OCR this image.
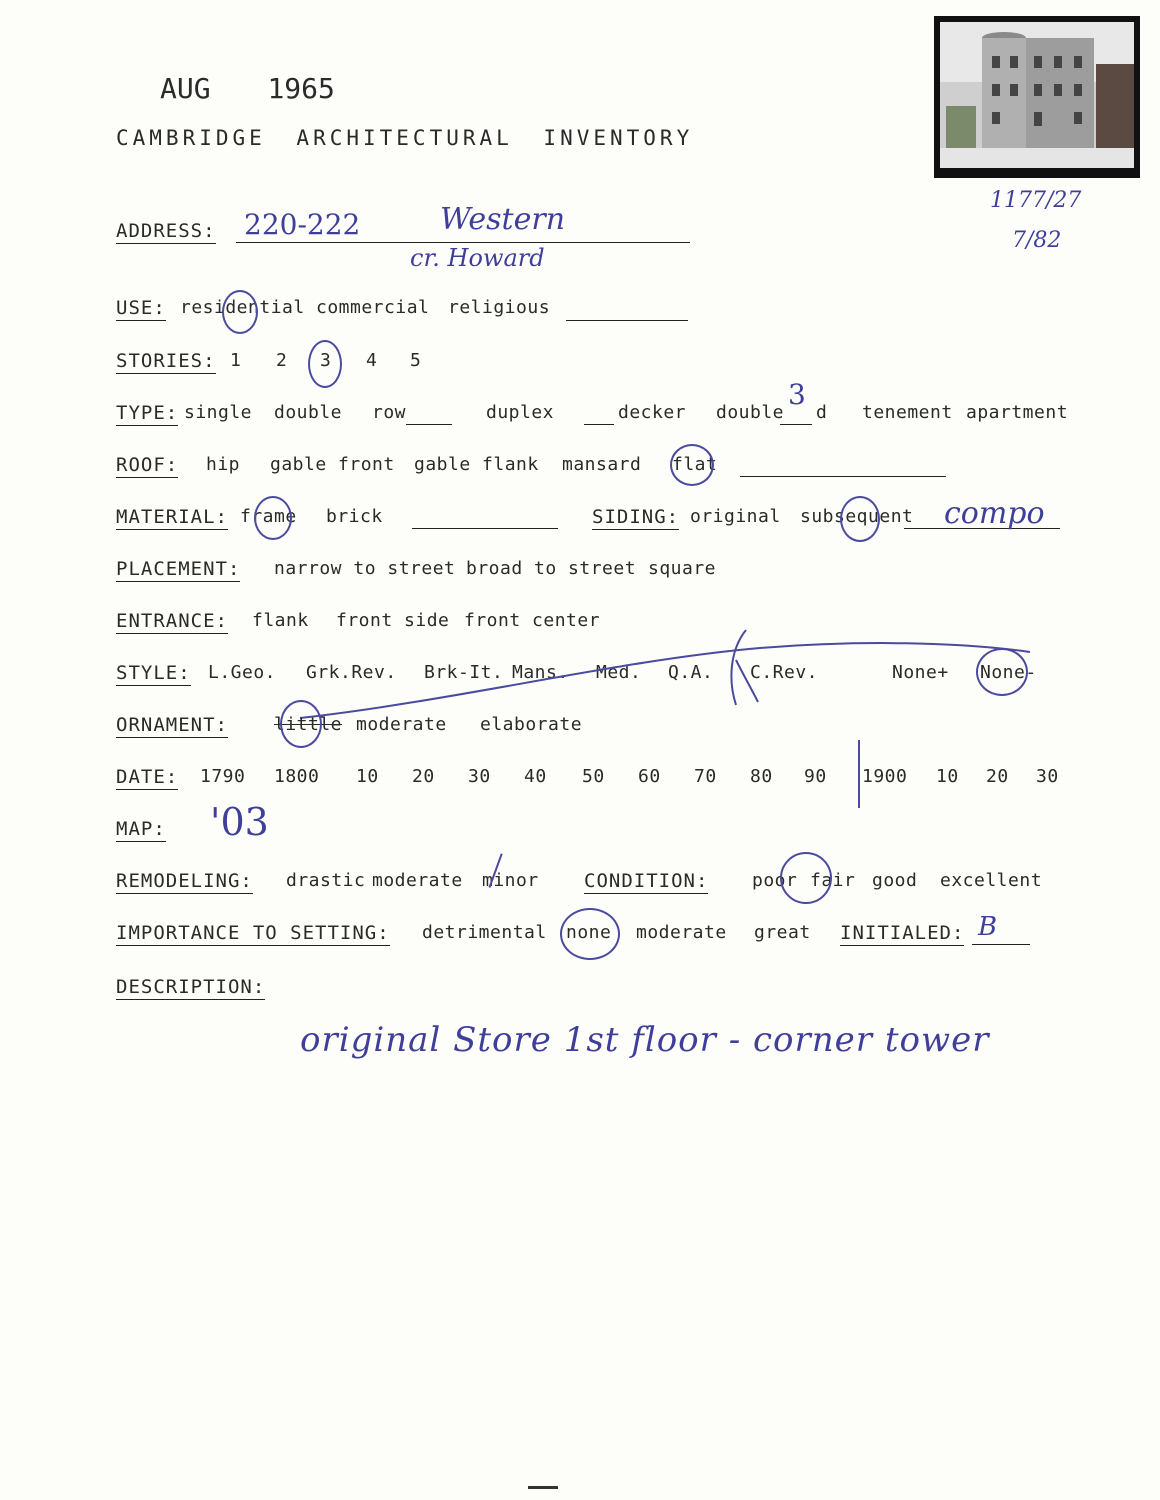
AUG 1965
CAMBRIDGE ARCHITECTURAL INVENTORY
1177/27
7/82
ADDRESS: 220-222	Western
cr. Howard
USE: residential commercial religious
STORIES: 1 2 3 4 5
TYPE: single double row	duplex	decker double
3
d tenement apartment
ROOF: hip gable front gable flank mansard flat
MATERIAL: frame brick	SIDING: original subsequent compo
PLACEMENT: narrow to street broad to street square
ENTRANCE: flank front side front center
STYLE: L.Geo. Grk.Rev. Brk-It. Mans. Med. Q.A. C.Rev.	None+ None-
ORNAMENT:	little moderate elaborate
DATE: 1790 1800 10 20 30 40 50 60 70 80 90 1900 10 20 30
MAP: '03
REMODELING: drastic moderate minor CONDITION: poor fair good excellent
IMPORTANCE TO SETTING: detrimental none moderate great INITIALED: B
DESCRIPTION:
original Store 1st floor - corner tower
